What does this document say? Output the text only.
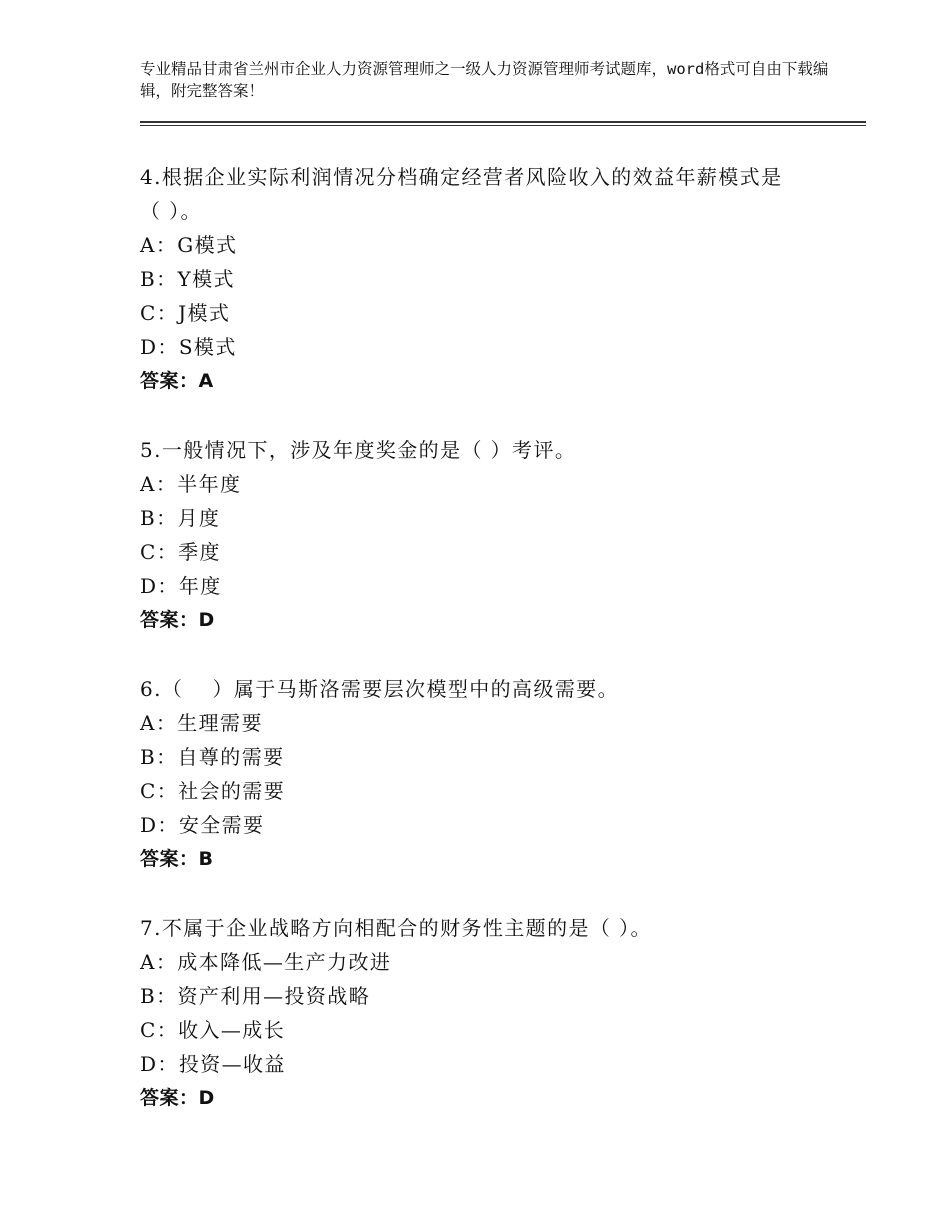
专业精品甘肃省兰州市企业人力资源管理师之一级人力资源管理师考试题库，word格式可自由下载编辑，附完整答案！

4.根据企业实际利润情况分档确定经营者风险收入的效益年薪模式是

（ ）。

A：G模式

B：Y模式

C：J模式

D：S模式

答案：A

5.一般情况下，涉及年度奖金的是（ ）考评。

A：半年度

B：月度

C：季度

D：年度

答案：D

6.（　 ）属于马斯洛需要层次模型中的高级需要。

A：生理需要

B：自尊的需要

C：社会的需要

D：安全需要

答案：B

7.不属于企业战略方向相配合的财务性主题的是（ ）。

A：成本降低—生产力改进

B：资产利用—投资战略

C：收入—成长

D：投资—收益

答案：D
